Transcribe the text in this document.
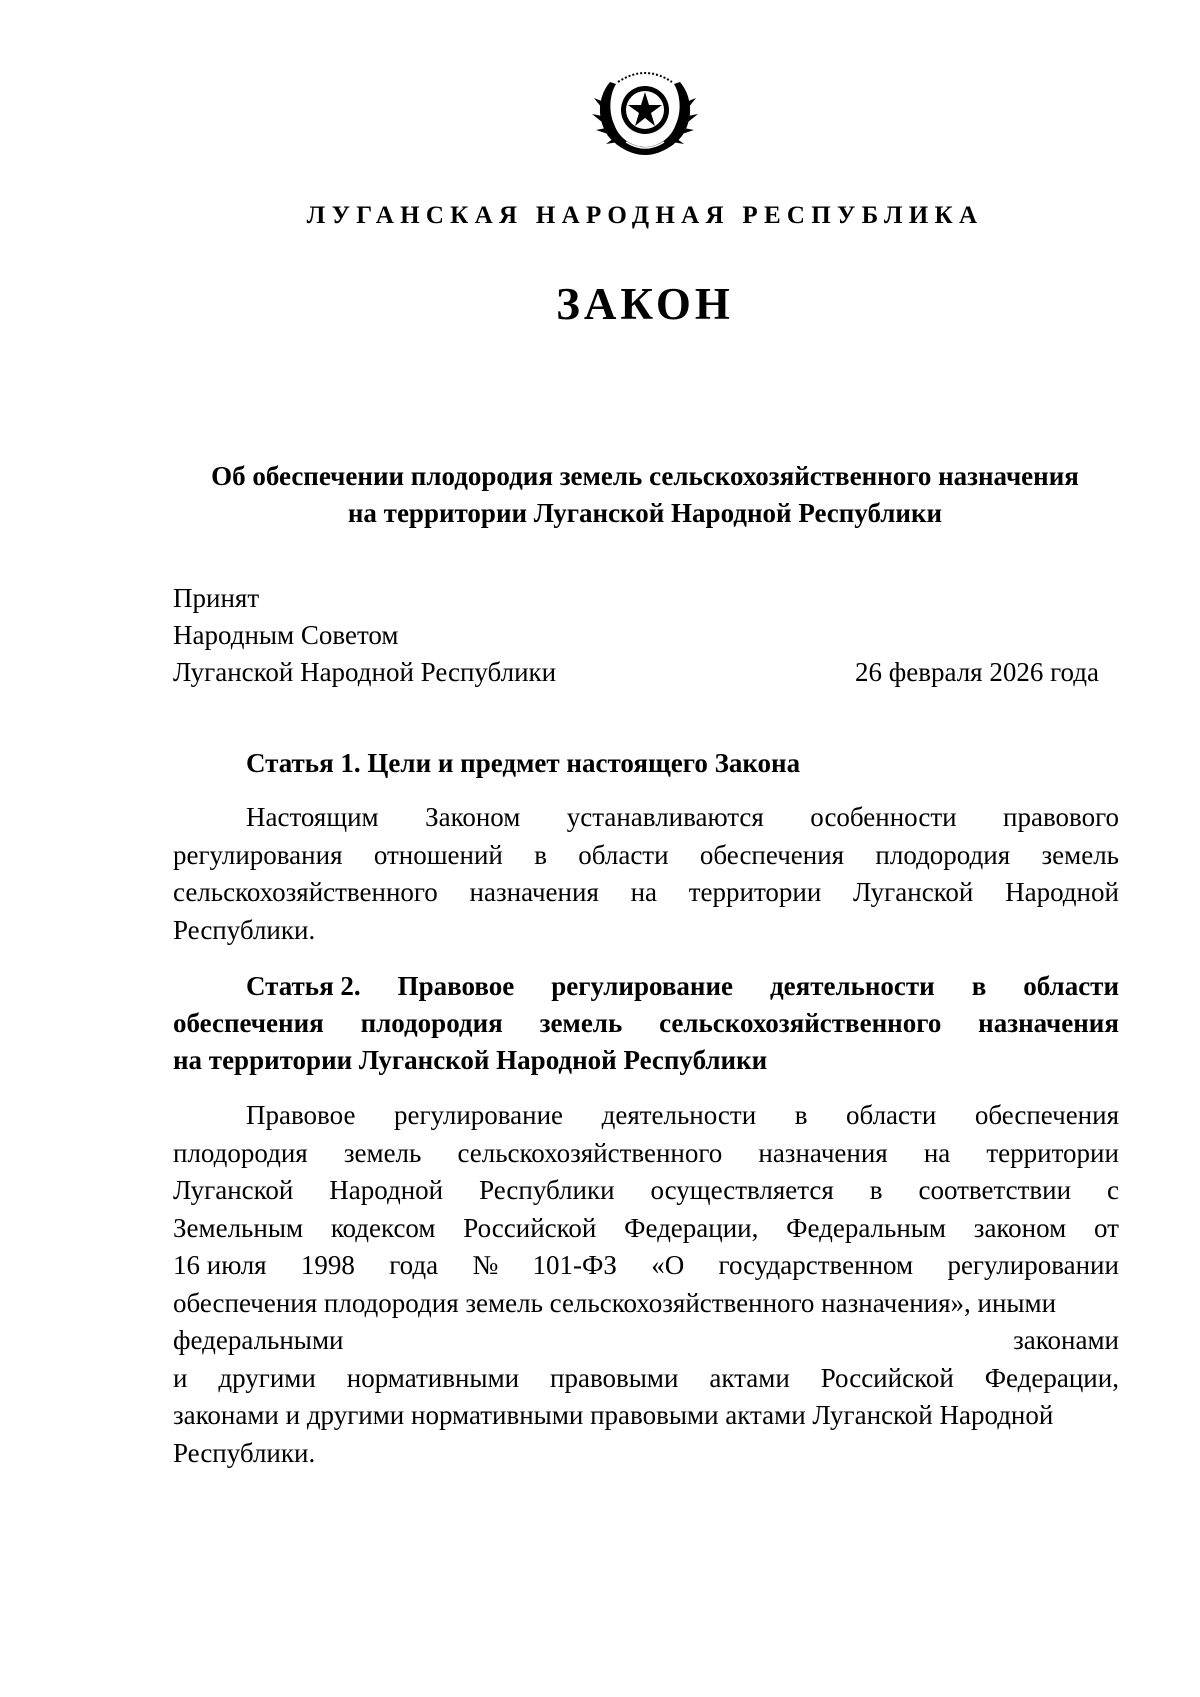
ЛУГАНСКАЯ НАРОДНАЯ РЕСПУБЛИКА
ЗАКОН
Об обеспечении плодородия земель сельскохозяйственного назначения
на территории Луганской Народной Республики
Принят
Народным Советом
Луганской Народной Республики	26 февраля 2026 года
Статья 1. Цели и предмет настоящего Закона
Настоящим Законом устанавливаются особенности правового
регулирования отношений в области обеспечения плодородия земель
сельскохозяйственного назначения на территории Луганской Народной
Республики.
Статья 2. Правовое регулирование деятельности в области
обеспечения плодородия земель сельскохозяйственного назначения
на территории Луганской Народной Республики
Правовое регулирование деятельности в области обеспечения
плодородия земель сельскохозяйственного назначения на территории
Луганской Народной Республики осуществляется в соответствии с
Земельным кодексом Российской Федерации, Федеральным законом от
16 июля 1998 года № 101-ФЗ «О государственном регулировании
обеспечения плодородия земель сельскохозяйственного назначения», иными
федеральными	законами
и другими нормативными правовыми актами Российской Федерации,
законами и другими нормативными правовыми актами Луганской Народной
Республики.
